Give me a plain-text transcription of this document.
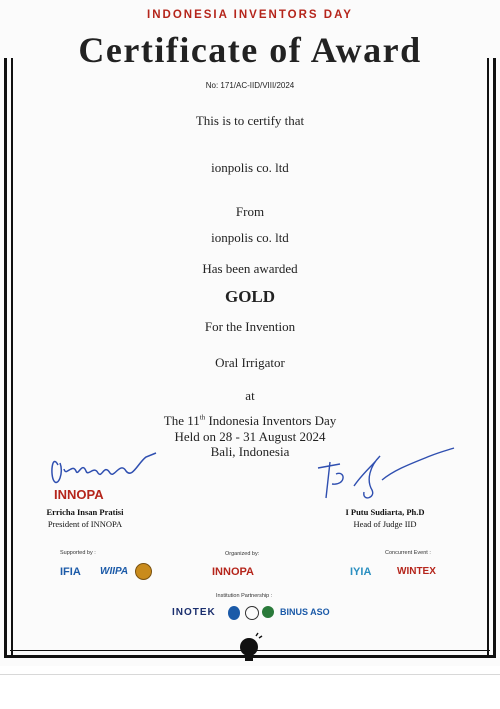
INDONESIA INVENTORS DAY
Certificate of Award
No: 171/AC-IID/VIII/2024
This is to certify that
ionpolis co. ltd
From
ionpolis co. ltd
Has been awarded
GOLD
For the Invention
Oral Irrigator
at
The 11th Indonesia Inventors Day
Held on 28 - 31 August 2024
Bali, Indonesia
INNOPA
Erricha Insan Pratisi
President of INNOPA
I Putu Sudiarta, Ph.D
Head of Judge IID
Supported by :	Organized by:	Concurrent Event :
IFIA WIIPA	INNOPA	IYIA	WINTEX
Institution Partnership :
INOTEK	BINUS ASO
